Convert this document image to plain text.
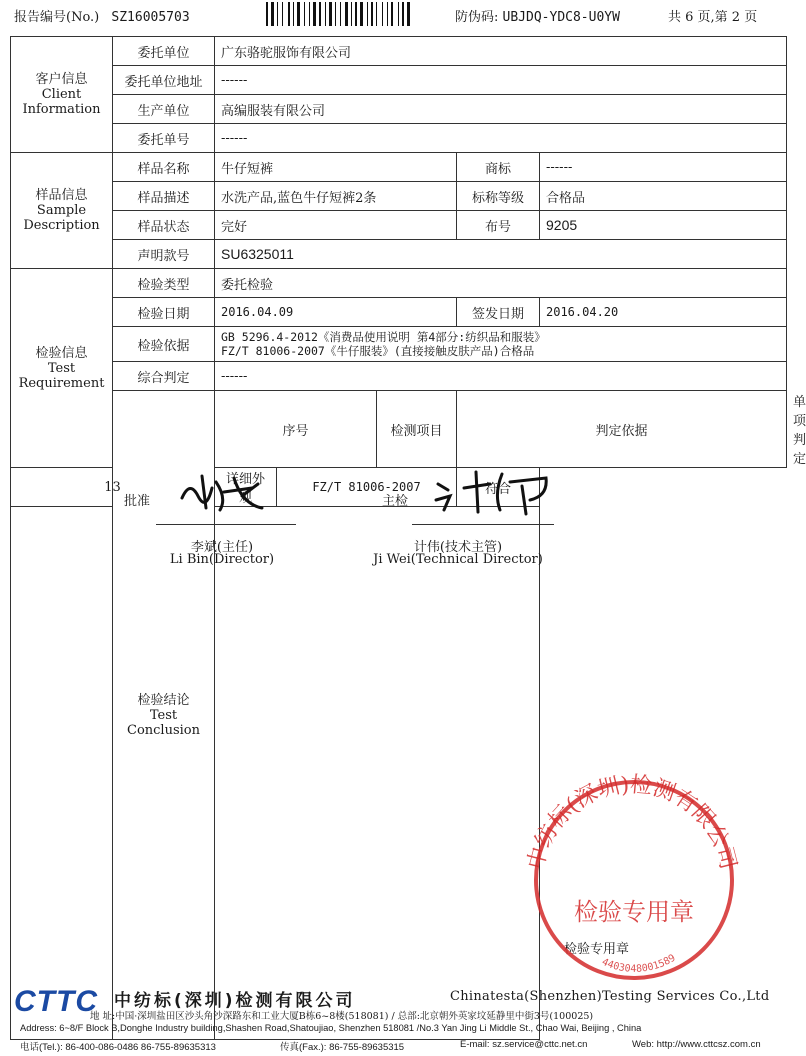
报告编号(No.) SZ16005703	防伪码: UBJDQ-YDC8-U0YW	共 6 页,第 2 页
客户信息
Client
Information	委托单位	广东骆驼服饰有限公司					
	委托单位地址	------					
	生产单位	高编服装有限公司					
	委托单号	------					

样品信息
Sample
Description	样品名称	牛仔短裤			商标	------	
	样品描述	水洗产品,蓝色牛仔短裤2条			标称等级	合格品	
	样品状态	完好			布号	9205	
	声明款号	SU6325011					

检验信息
Test
Requirement	检验类型	委托检验					
	检验日期	2016.04.09			签发日期	2016.04.20	
	检验依据	GB 5296.4-2012《消费品使用说明 第4部分:纺织品和服装》
FZ/T 81006-2007《牛仔服装》(直接接触皮肤产品)合格品					

	综合判定	------					

	检验结论
Test Conclusion	序号		检测项目	判定依据		单项判定
13		详细外观	FZ/T 81006-2007		符合		

批准
李斌(主任)
Li Bin(Director)
主检
计伟(技术主管)
Ji Wei(Technical Director)
检验专用章
中纺标(深圳)检测有限公司
检验专用章
4403048001589
CTTC 中纺标(深圳)检测有限公司	Chinatesta(Shenzhen)Testing Services Co.,Ltd
地 址:中国·深圳盐田区沙头角沙深路东和工业大厦B栋6~8楼(518081) / 总部:北京朝外英家坟延静里中街3号(100025)
Address: 6~8/F Block B,Donghe Industry building,Shashen Road,Shatoujiao, Shenzhen 518081 /No.3 Yan Jing Li Middle St., Chao Wai, Beijing , China
电话(Tel.): 86-400-086-0486 86-755-89635313	传真(Fax.): 86-755-89635315	E-mail: sz.service@cttc.net.cn	Web: http://www.cttcsz.com.cn
